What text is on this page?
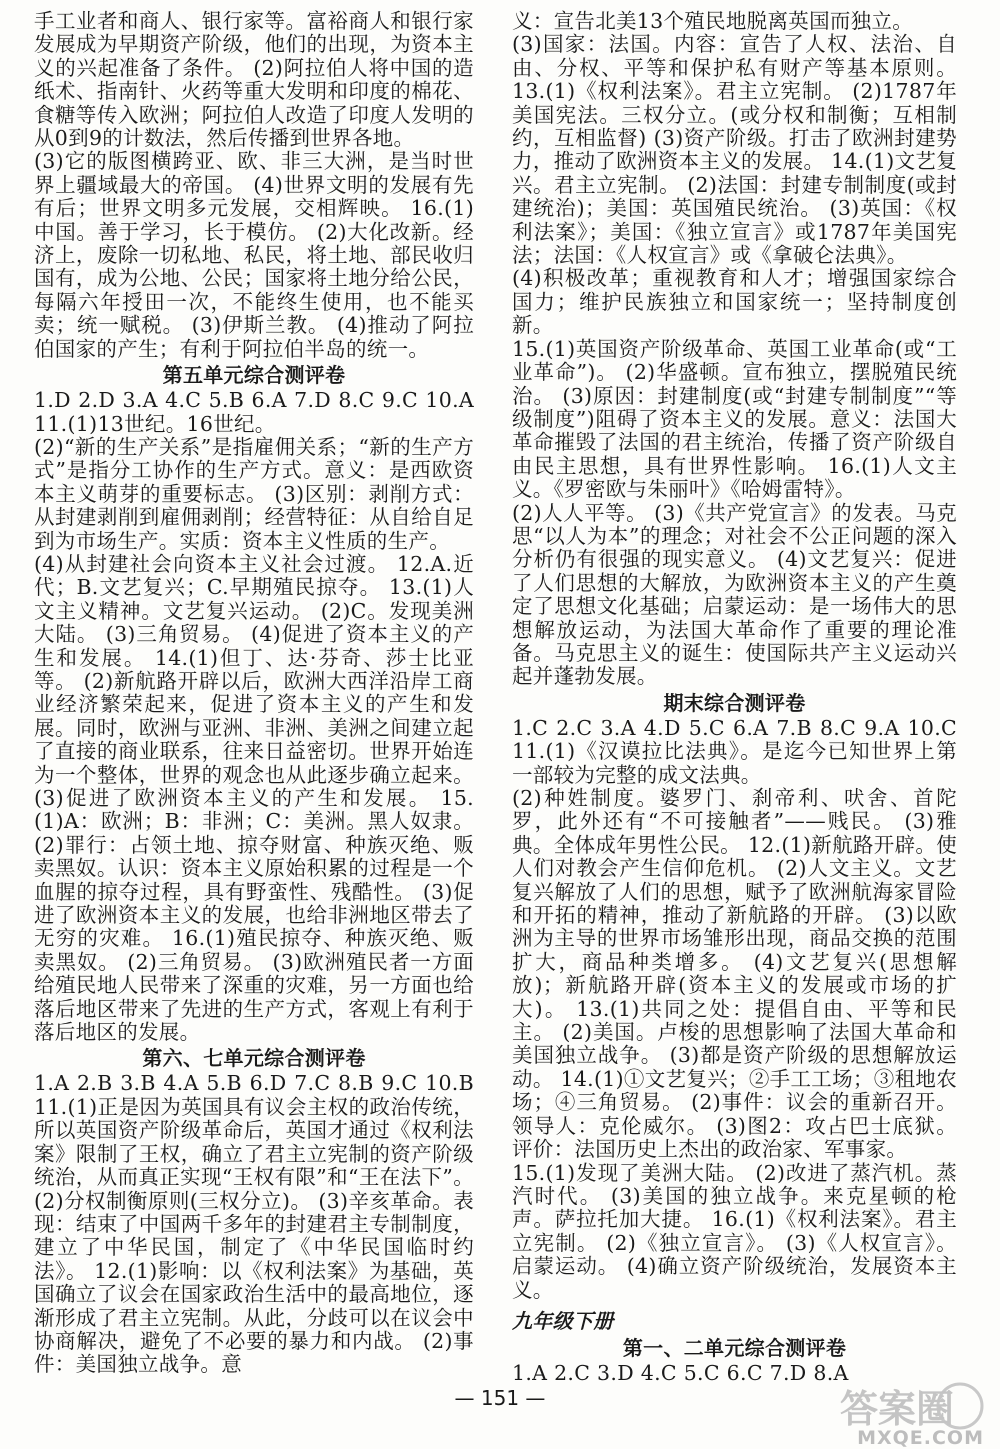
手工业者和商人、银行家等。富裕商人和银行家发展成为早期资产阶级，他们的出现，为资本主义的兴起准备了条件。 (2)阿拉伯人将中国的造纸术、指南针、火药等重大发明和印度的棉花、食糖等传入欧洲；阿拉伯人改造了印度人发明的从0到9的计数法，然后传播到世界各地。

(3)它的版图横跨亚、欧、非三大洲，是当时世界上疆域最大的帝国。 (4)世界文明的发展有先有后；世界文明多元发展，交相辉映。 16.(1)中国。善于学习，长于模仿。 (2)大化改新。经济上，废除一切私地、私民，将土地、部民收归国有，成为公地、公民；国家将土地分给公民，每隔六年授田一次，不能终生使用，也不能买卖；统一赋税。 (3)伊斯兰教。 (4)推动了阿拉伯国家的产生；有利于阿拉伯半岛的统一。

第五单元综合测评卷

1.D 2.D 3.A 4.C 5.B 6.A 7.D 8.C 9.C 10.A 11.(1)13世纪。16世纪。

(2)“新的生产关系”是指雇佣关系；“新的生产方式”是指分工协作的生产方式。意义：是西欧资本主义萌芽的重要标志。 (3)区别：剥削方式：从封建剥削到雇佣剥削；经营特征：从自给自足到为市场生产。实质：资本主义性质的生产。

(4)从封建社会向资本主义社会过渡。 12.A.近代；B.文艺复兴；C.早期殖民掠夺。 13.(1)人文主义精神。文艺复兴运动。 (2)C。发现美洲大陆。 (3)三角贸易。 (4)促进了资本主义的产生和发展。 14.(1)但丁、达·芬奇、莎士比亚等。 (2)新航路开辟以后，欧洲大西洋沿岸工商业经济繁荣起来，促进了资本主义的产生和发展。同时，欧洲与亚洲、非洲、美洲之间建立起了直接的商业联系，往来日益密切。世界开始连为一个整体，世界的观念也从此逐步确立起来。 (3)促进了欧洲资本主义的产生和发展。 15.(1)A：欧洲；B：非洲；C：美洲。黑人奴隶。 (2)罪行：占领土地、掠夺财富、种族灭绝、贩卖黑奴。认识：资本主义原始积累的过程是一个血腥的掠夺过程，具有野蛮性、残酷性。 (3)促进了欧洲资本主义的发展，也给非洲地区带去了无穷的灾难。 16.(1)殖民掠夺、种族灭绝、贩卖黑奴。 (2)三角贸易。 (3)欧洲殖民者一方面给殖民地人民带来了深重的灾难，另一方面也给落后地区带来了先进的生产方式，客观上有利于落后地区的发展。

第六、七单元综合测评卷

1.A 2.B 3.B 4.A 5.B 6.D 7.C 8.B 9.C 10.B 11.(1)正是因为英国具有议会主权的政治传统，所以英国资产阶级革命后，英国才通过《权利法案》限制了王权，确立了君主立宪制的资产阶级统治，从而真正实现“王权有限”和“王在法下”。 (2)分权制衡原则(三权分立)。 (3)辛亥革命。表现：结束了中国两千多年的封建君主专制制度，建立了中华民国，制定了《中华民国临时约法》。 12.(1)影响：以《权利法案》为基础，英国确立了议会在国家政治生活中的最高地位，逐渐形成了君主立宪制。从此，分歧可以在议会中协商解决，避免了不必要的暴力和内战。 (2)事件：美国独立战争。意

义：宣告北美13个殖民地脱离英国而独立。

(3)国家：法国。内容：宣告了人权、法治、自由、分权、平等和保护私有财产等基本原则。 13.(1)《权利法案》。君主立宪制。 (2)1787年美国宪法。三权分立。(或分权和制衡；互相制约，互相监督) (3)资产阶级。打击了欧洲封建势力，推动了欧洲资本主义的发展。 14.(1)文艺复兴。君主立宪制。 (2)法国：封建专制制度(或封建统治)；美国：英国殖民统治。 (3)英国：《权利法案》；美国：《独立宣言》或1787年美国宪法；法国：《人权宣言》或《拿破仑法典》。

(4)积极改革；重视教育和人才；增强国家综合国力；维护民族独立和国家统一；坚持制度创新。

15.(1)英国资产阶级革命、英国工业革命(或“工业革命”)。 (2)华盛顿。宣布独立，摆脱殖民统治。 (3)原因：封建制度(或“封建专制制度”“等级制度”)阻碍了资本主义的发展。意义：法国大革命摧毁了法国的君主统治，传播了资产阶级自由民主思想，具有世界性影响。 16.(1)人文主义。《罗密欧与朱丽叶》《哈姆雷特》。

(2)人人平等。 (3)《共产党宣言》的发表。马克思“以人为本”的理念；对社会不公正问题的深入分析仍有很强的现实意义。 (4)文艺复兴：促进了人们思想的大解放，为欧洲资本主义的产生奠定了思想文化基础；启蒙运动：是一场伟大的思想解放运动，为法国大革命作了重要的理论准备。马克思主义的诞生：使国际共产主义运动兴起并蓬勃发展。

期末综合测评卷

1.C 2.C 3.A 4.D 5.C 6.A 7.B 8.C 9.A 10.C 11.(1)《汉谟拉比法典》。是迄今已知世界上第一部较为完整的成文法典。

(2)种姓制度。婆罗门、刹帝利、吠舍、首陀罗，此外还有“不可接触者”——贱民。 (3)雅典。全体成年男性公民。 12.(1)新航路开辟。使人们对教会产生信仰危机。 (2)人文主义。文艺复兴解放了人们的思想，赋予了欧洲航海家冒险和开拓的精神，推动了新航路的开辟。 (3)以欧洲为主导的世界市场雏形出现，商品交换的范围扩大，商品种类增多。 (4)文艺复兴(思想解放)；新航路开辟(资本主义的发展或市场的扩大)。 13.(1)共同之处：提倡自由、平等和民主。 (2)美国。卢梭的思想影响了法国大革命和美国独立战争。 (3)都是资产阶级的思想解放运动。 14.(1)①文艺复兴；②手工工场；③租地农场；④三角贸易。 (2)事件：议会的重新召开。领导人：克伦威尔。 (3)图2：攻占巴士底狱。评价：法国历史上杰出的政治家、军事家。

15.(1)发现了美洲大陆。 (2)改进了蒸汽机。蒸汽时代。 (3)美国的独立战争。来克星顿的枪声。萨拉托加大捷。 16.(1)《权利法案》。君主立宪制。 (2)《独立宣言》。 (3)《人权宣言》。启蒙运动。 (4)确立资产阶级统治，发展资本主义。

九年级下册
第一、二单元综合测评卷

1.A 2.C 3.D 4.C 5.C 6.C 7.D 8.A

— 151 —	答案圈
MXQE.COM
